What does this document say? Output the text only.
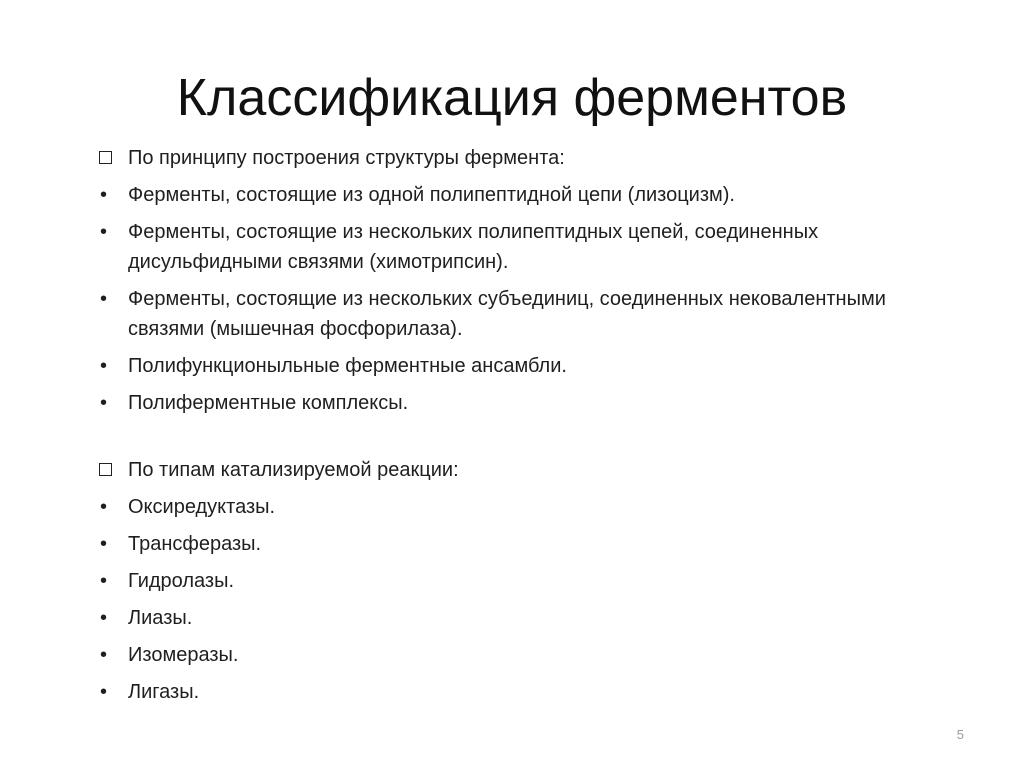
Классификация ферментов
По принципу построения структуры фермента:
• Ферменты, состоящие из одной полипептидной цепи (лизоцизм).
• Ферменты, состоящие из нескольких полипептидных цепей, соединенных дисульфидными связями (химотрипсин).
• Ферменты, состоящие из нескольких субъединиц, соединенных нековалентными связями (мышечная фосфорилаза).
• Полифункционыльные ферментные ансамбли.
• Полиферментные комплексы.
По типам катализируемой реакции:
• Оксиредуктазы.
• Трансферазы.
• Гидролазы.
• Лиазы.
• Изомеразы.
• Лигазы.
5
